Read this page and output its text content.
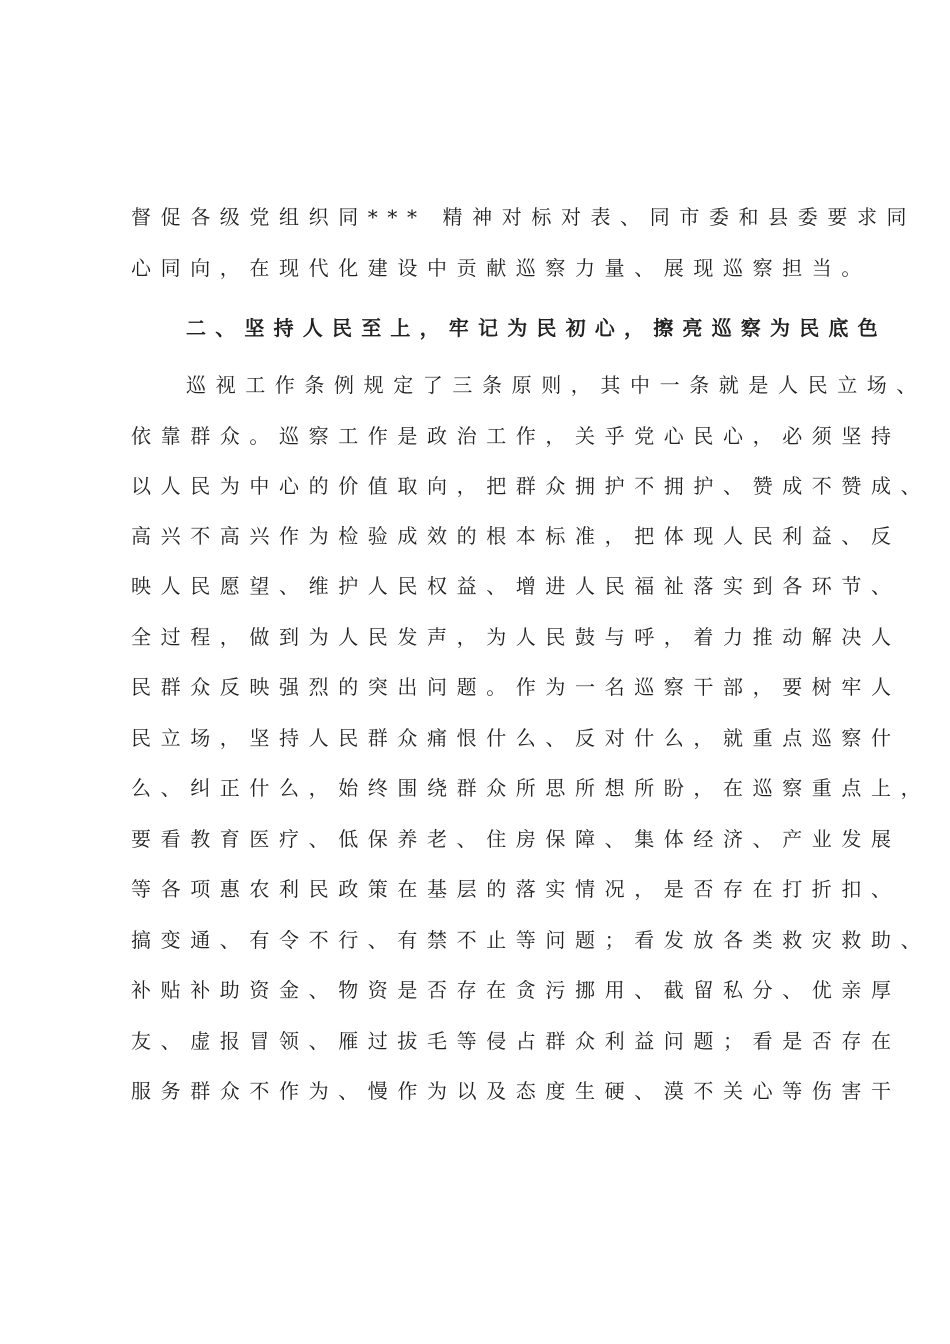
督促各级党组织同*** 精神对标对表、同市委和县委要求同
心同向，在现代化建设中贡献巡察力量、展现巡察担当。
二、坚持人民至上，牢记为民初心，擦亮巡察为民底色
巡视工作条例规定了三条原则，其中一条就是人民立场、
依靠群众。巡察工作是政治工作，关乎党心民心，必须坚持
以人民为中心的价值取向，把群众拥护不拥护、赞成不赞成、
高兴不高兴作为检验成效的根本标准，把体现人民利益、反
映人民愿望、维护人民权益、增进人民福祉落实到各环节、
全过程，做到为人民发声，为人民鼓与呼，着力推动解决人
民群众反映强烈的突出问题。作为一名巡察干部，要树牢人
民立场，坚持人民群众痛恨什么、反对什么，就重点巡察什
么、纠正什么，始终围绕群众所思所想所盼，在巡察重点上，
要看教育医疗、低保养老、住房保障、集体经济、产业发展
等各项惠农利民政策在基层的落实情况，是否存在打折扣、
搞变通、有令不行、有禁不止等问题；看发放各类救灾救助、
补贴补助资金、物资是否存在贪污挪用、截留私分、优亲厚
友、虚报冒领、雁过拔毛等侵占群众利益问题；看是否存在
服务群众不作为、慢作为以及态度生硬、漠不关心等伤害干
